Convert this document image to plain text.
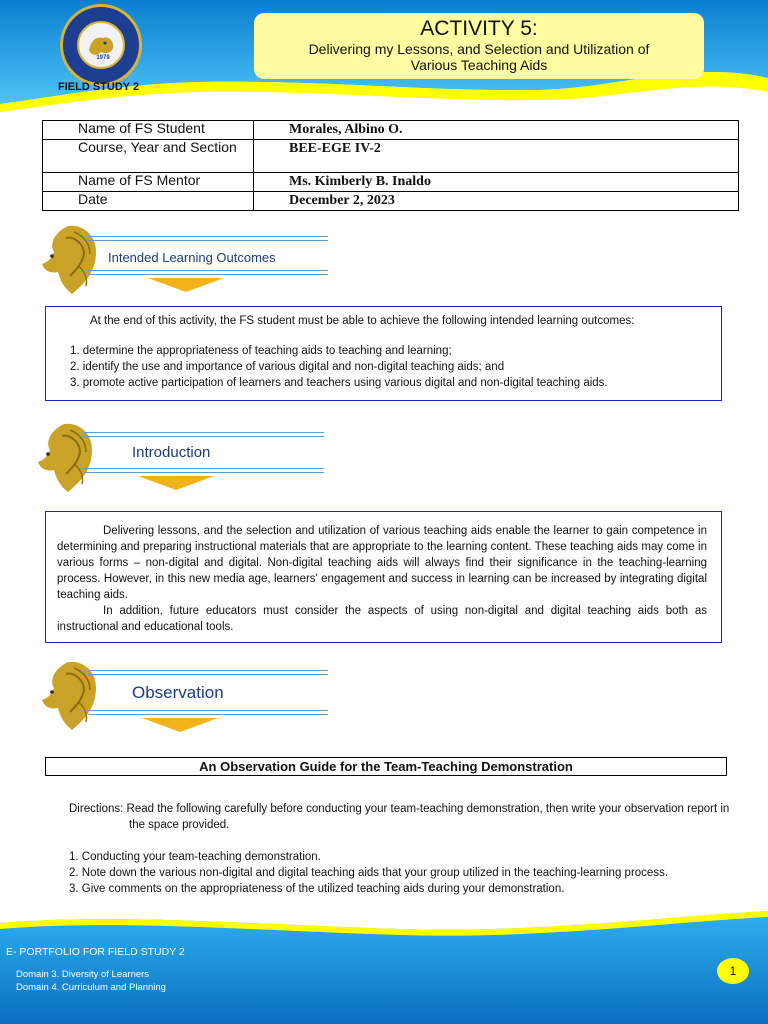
1979
FIELD STUDY 2
ACTIVITY 5:
Delivering my Lessons, and Selection and Utilization of
Various Teaching Aids
Name of FS Student	Morales, Albino O.
Course, Year and Section	BEE-EGE IV-2
Name of FS Mentor	Ms. Kimberly B. Inaldo
Date	December 2, 2023
Intended Learning Outcomes

At the end of this activity, the FS student must be able to achieve the following intended learning outcomes:

1. determine the appropriateness of teaching aids to teaching and learning;

2. identify the use and importance of various digital and non-digital teaching aids; and

3. promote active participation of learners and teachers using various digital and non-digital teaching aids.

Introduction

Delivering lessons, and the selection and utilization of various teaching aids enable the learner to gain competence in determining and preparing instructional materials that are appropriate to the learning content. These teaching aids may come in various forms – non-digital and digital. Non-digital teaching aids will always find their significance in the teaching-learning process. However, in this new media age, learners' engagement and success in learning can be increased by integrating digital teaching aids.

In addition, future educators must consider the aspects of using non-digital and digital teaching aids both as instructional and educational tools.

Observation
An Observation Guide for the Team-Teaching Demonstration
Directions: Read the following carefully before conducting your team-teaching demonstration, then write your observation report in
the space provided.
1. Conducting your team-teaching demonstration.
2. Note down the various non-digital and digital teaching aids that your group utilized in the teaching-learning process.
3. Give comments on the appropriateness of the utilized teaching aids during your demonstration.
E- PORTFOLIO FOR FIELD STUDY 2
Domain 3. Diversity of Learners
Domain 4. Curriculum and Planning
1
